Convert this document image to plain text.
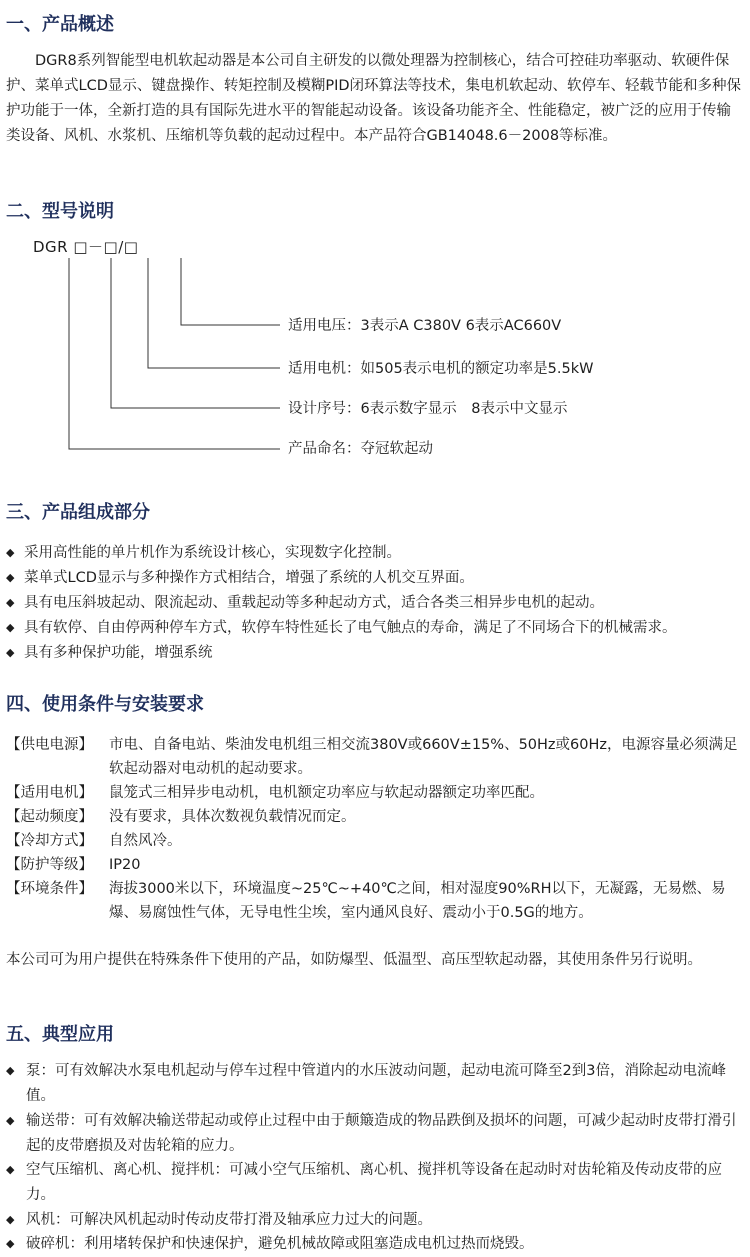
一、产品概述

DGR8系列智能型电机软起动器是本公司自主研发的以微处理器为控制核心，结合可控硅功率驱动、软硬件保护、菜单式LCD显示、键盘操作、转矩控制及模糊PID闭环算法等技术，集电机软起动、软停车、轻载节能和多种保护功能于一体，全新打造的具有国际先进水平的智能起动设备。该设备功能齐全、性能稳定，被广泛的应用于传输类设备、风机、水浆机、压缩机等负载的起动过程中。本产品符合GB14048.6－2008等标准。

二、型号说明
DGR □－□/□
适用电压：3表示A C380V 6表示AC660V
适用电机：如505表示电机的额定功率是5.5kW
设计序号：6表示数字显示　8表示中文显示
产品命名：夺冠软起动
三、产品组成部分

◆ 采用高性能的单片机作为系统设计核心，实现数字化控制。

◆ 菜单式LCD显示与多种操作方式相结合，增强了系统的人机交互界面。

◆ 具有电压斜坡起动、限流起动、重载起动等多种起动方式，适合各类三相异步电机的起动。

◆ 具有软停、自由停两种停车方式，软停车特性延长了电气触点的寿命，满足了不同场合下的机械需求。

◆ 具有多种保护功能，增强系统

四、使用条件与安装要求
【供电电源】	市电、自备电站、柴油发电机组三相交流380V或660V±15%、50Hz或60Hz，电源容量必须满足软起动器对电动机的起动要求。
【适用电机】	鼠笼式三相异步电动机，电机额定功率应与软起动器额定功率匹配。
【起动频度】	没有要求，具体次数视负载情况而定。
【冷却方式】	自然风冷。
【防护等级】	IP20
【环境条件】	海拔3000米以下，环境温度~25℃~+40℃之间，相对湿度90%RH以下，无凝露，无易燃、易爆、易腐蚀性气体，无导电性尘埃，室内通风良好、震动小于0.5G的地方。

本公司可为用户提供在特殊条件下使用的产品，如防爆型、低温型、高压型软起动器，其使用条件另行说明。

五、典型应用

◆ 泵：可有效解决水泵电机起动与停车过程中管道内的水压波动问题，起动电流可降至2到3倍，消除起动电流峰值。

◆ 输送带：可有效解决输送带起动或停止过程中由于颠簸造成的物品跌倒及损坏的问题，可减少起动时皮带打滑引起的皮带磨损及对齿轮箱的应力。

◆ 空气压缩机、离心机、搅拌机：可减小空气压缩机、离心机、搅拌机等设备在起动时对齿轮箱及传动皮带的应力。

◆ 风机：可解决风机起动时传动皮带打滑及轴承应力过大的问题。

◆ 破碎机：利用堵转保护和快速保护，避免机械故障或阻塞造成电机过热而烧毁。
